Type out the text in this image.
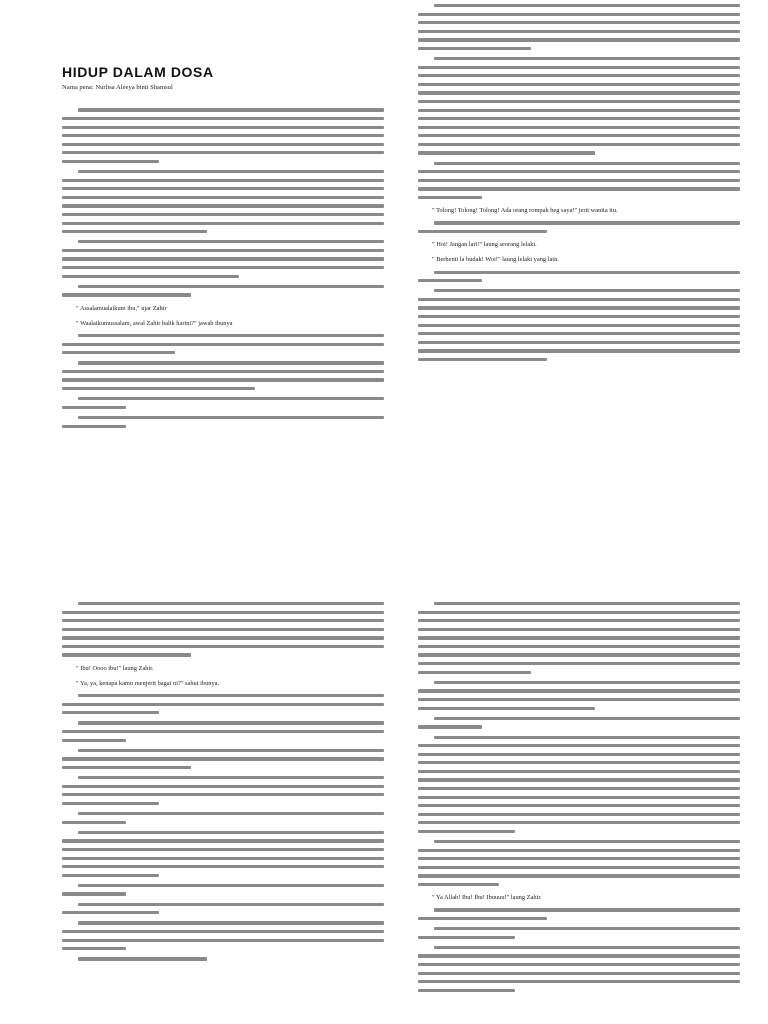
HIDUP DALAM DOSA
Nama pena: Nurlisa Aleeya binti Shamsul
" Assalamualaikum ibu," ujar Zahir
" Waalaikumussalam, awal Zahir balik harini?" jawab ibunya
" Tolong! Tolong! Tolong! Ada orang rompak beg saya!" jerit wanita itu.
" Hoi! Jangan lari!" laung seorang lelaki.
" Berhenti la budak! Woi!" laung lelaki yang lain.
" Ibu! Oooo ibu!" laung Zahir.
" Ya, ya, kenapa kamu menjerit bagai ni?" sahut ibunya.
" Ya Allah! Ibu! Ibu! Ibuuuu!" laung Zahir.
